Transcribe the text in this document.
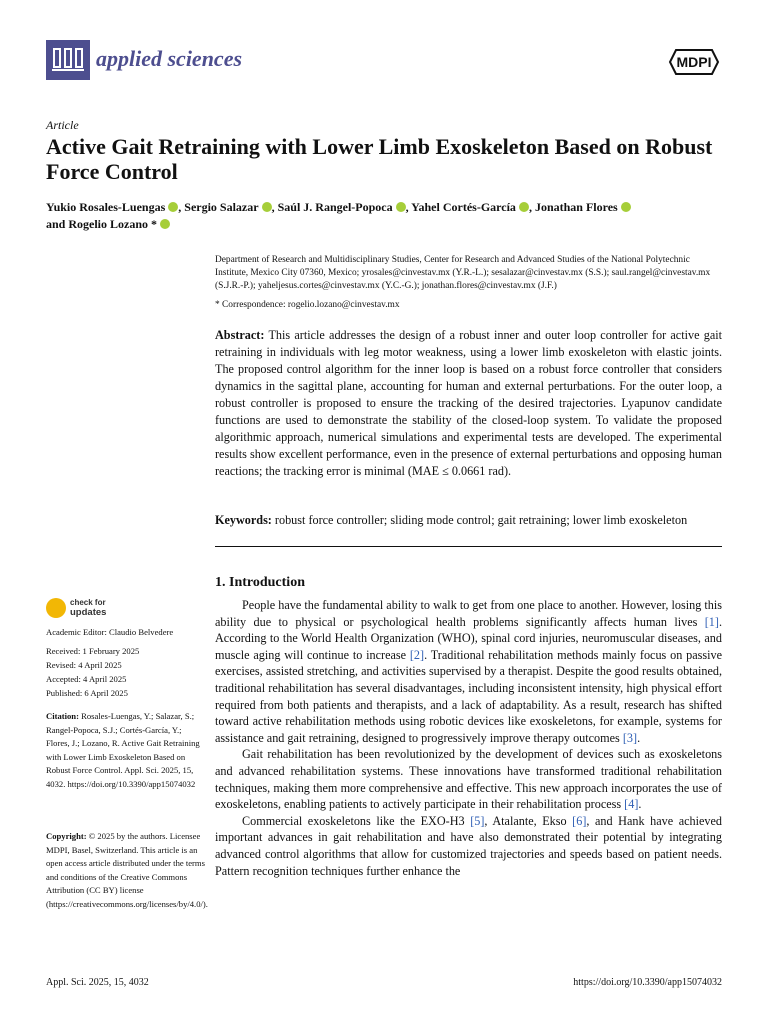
applied sciences	MDPI
Article
Active Gait Retraining with Lower Limb Exoskeleton Based on Robust Force Control
Yukio Rosales-Luengas , Sergio Salazar , Saúl J. Rangel-Popoca , Yahel Cortés-García , Jonathan Flores
and Rogelio Lozano *
Department of Research and Multidisciplinary Studies, Center for Research and Advanced Studies of the National Polytechnic Institute, Mexico City 07360, Mexico; yrosales@cinvestav.mx (Y.R.-L.); sesalazar@cinvestav.mx (S.S.); saul.rangel@cinvestav.mx (S.J.R.-P.); yaheljesus.cortes@cinvestav.mx (Y.C.-G.); jonathan.flores@cinvestav.mx (J.F.)
* Correspondence: rogelio.lozano@cinvestav.mx
Abstract: This article addresses the design of a robust inner and outer loop controller for active gait retraining in individuals with leg motor weakness, using a lower limb exoskeleton with elastic joints. The proposed control algorithm for the inner loop is based on a robust force controller that considers dynamics in the sagittal plane, accounting for human and external perturbations. For the outer loop, a robust controller is proposed to ensure the tracking of the desired trajectories. Lyapunov candidate functions are used to demonstrate the stability of the closed-loop system. To validate the proposed algorithmic approach, numerical simulations and experimental tests are developed. The experimental results show excellent performance, even in the presence of external perturbations and opposing human reactions; the tracking error is minimal (MAE ≤ 0.0661 rad).
Keywords: robust force controller; sliding mode control; gait retraining; lower limb exoskeleton
1. Introduction

People have the fundamental ability to walk to get from one place to another. However, losing this ability due to physical or psychological health problems significantly affects human lives [1]. According to the World Health Organization (WHO), spinal cord injuries, neuromuscular diseases, and muscle aging will continue to increase [2]. Traditional rehabilitation methods mainly focus on passive exercises, assisted stretching, and activities supervised by a therapist. Despite the good results obtained, traditional rehabilitation has several disadvantages, including inconsistent intensity, high physical effort required from both patients and therapists, and a lack of adaptability. As a result, research has shifted toward active rehabilitation methods using robotic devices like exoskeletons, for example, systems for assistance and gait retraining, designed to progressively improve therapy outcomes [3].

Gait rehabilitation has been revolutionized by the development of devices such as exoskeletons and advanced rehabilitation systems. These innovations have transformed traditional rehabilitation techniques, making them more comprehensive and effective. This new approach incorporates the use of exoskeletons, enabling patients to actively participate in their rehabilitation process [4].

Commercial exoskeletons like the EXO-H3 [5], Atalante, Ekso [6], and Hank have achieved important advances in gait rehabilitation and have also demonstrated their potential by integrating advanced control algorithms that allow for customized trajectories and speeds based on patient needs. Pattern recognition techniques further enhance the

check for
updates
Academic Editor: Claudio Belvedere
Received: 1 February 2025
Revised: 4 April 2025
Accepted: 4 April 2025
Published: 6 April 2025
Citation: Rosales-Luengas, Y.; Salazar, S.; Rangel-Popoca, S.J.; Cortés-García, Y.; Flores, J.; Lozano, R. Active Gait Retraining with Lower Limb Exoskeleton Based on Robust Force Control. Appl. Sci. 2025, 15, 4032. https://doi.org/10.3390/app15074032
Copyright: © 2025 by the authors. Licensee MDPI, Basel, Switzerland. This article is an open access article distributed under the terms and conditions of the Creative Commons Attribution (CC BY) license (https://creativecommons.org/licenses/by/4.0/).
Appl. Sci. 2025, 15, 4032	https://doi.org/10.3390/app15074032
